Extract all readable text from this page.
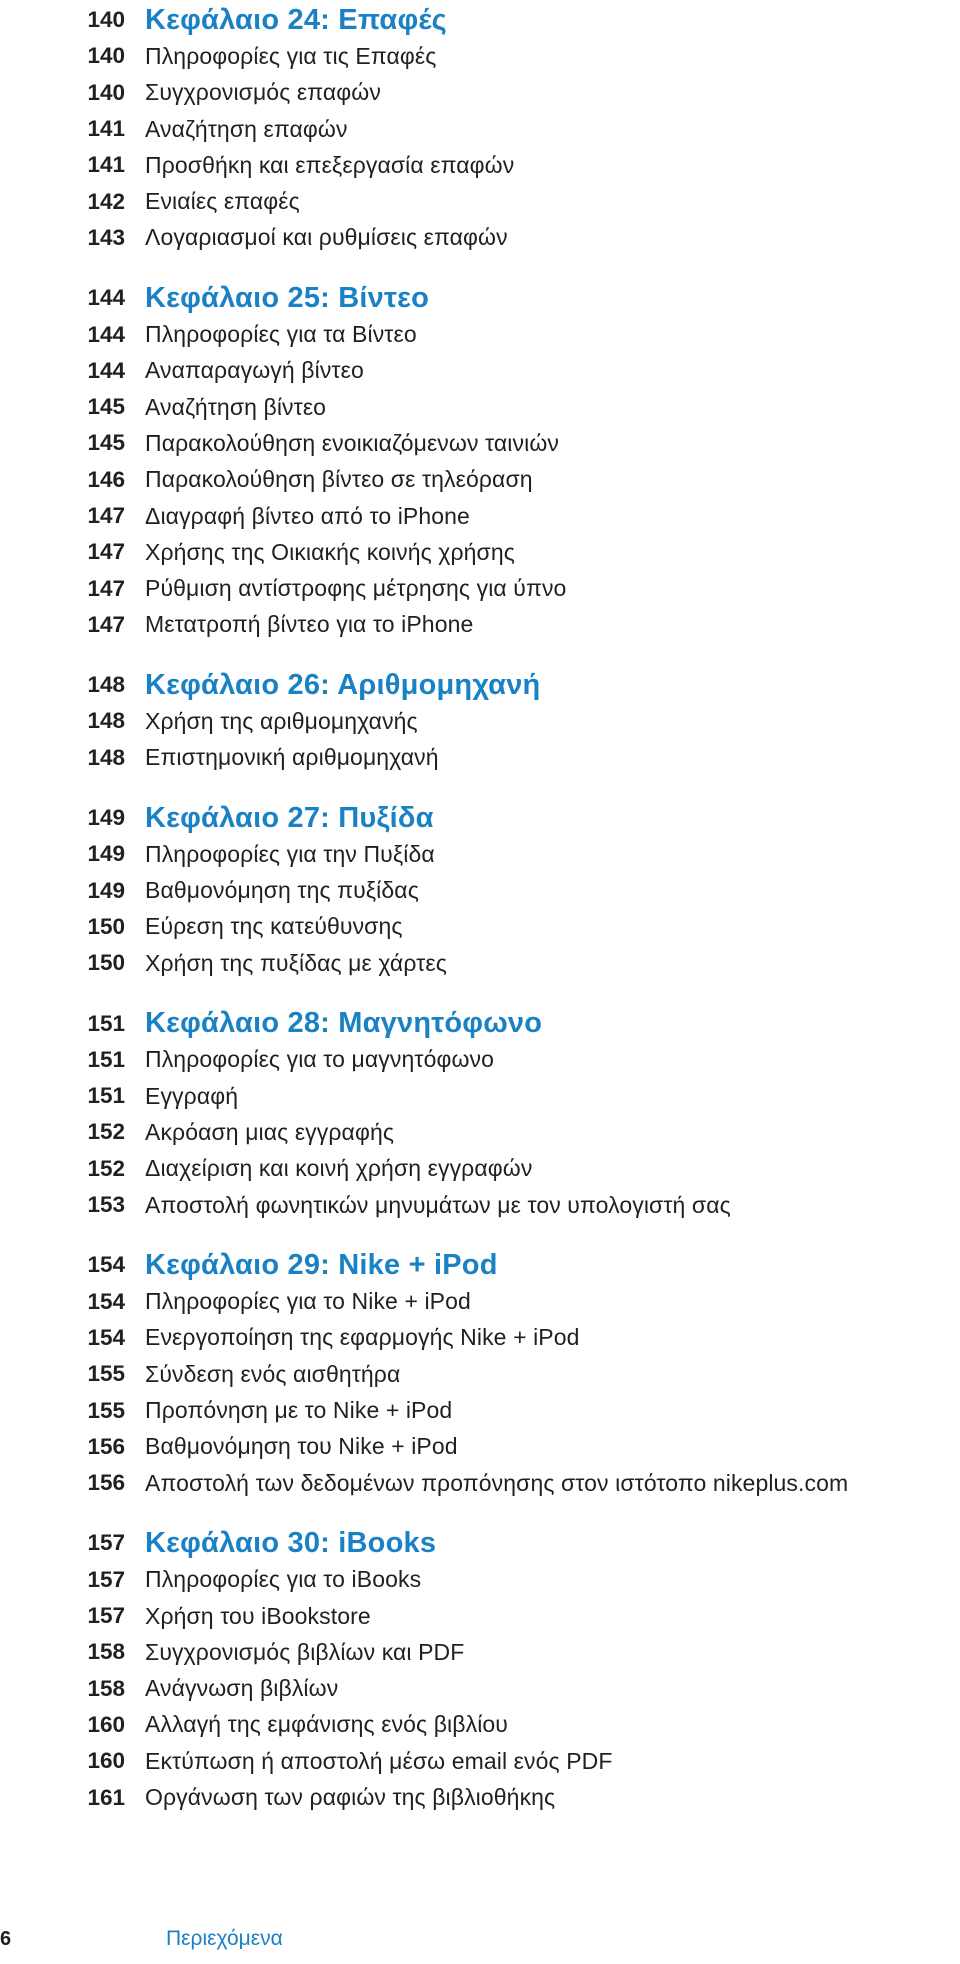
140 Κεφάλαιο 24: Επαφές
140 Πληροφορίες για τις Επαφές
140 Συγχρονισμός επαφών
141 Αναζήτηση επαφών
141 Προσθήκη και επεξεργασία επαφών
142 Ενιαίες επαφές
143 Λογαριασμοί και ρυθμίσεις επαφών
144 Κεφάλαιο 25: Βίντεο
144 Πληροφορίες για τα Βίντεο
144 Αναπαραγωγή βίντεο
145 Αναζήτηση βίντεο
145 Παρακολούθηση ενοικιαζόμενων ταινιών
146 Παρακολούθηση βίντεο σε τηλεόραση
147 Διαγραφή βίντεο από το iPhone
147 Χρήσης της Οικιακής κοινής χρήσης
147 Ρύθμιση αντίστροφης μέτρησης για ύπνο
147 Μετατροπή βίντεο για το iPhone
148 Κεφάλαιο 26: Αριθμομηχανή
148 Χρήση της αριθμομηχανής
148 Επιστημονική αριθμομηχανή
149 Κεφάλαιο 27: Πυξίδα
149 Πληροφορίες για την Πυξίδα
149 Βαθμονόμηση της πυξίδας
150 Εύρεση της κατεύθυνσης
150 Χρήση της πυξίδας με χάρτες
151 Κεφάλαιο 28: Μαγνητόφωνο
151 Πληροφορίες για το μαγνητόφωνο
151 Εγγραφή
152 Ακρόαση μιας εγγραφής
152 Διαχείριση και κοινή χρήση εγγραφών
153 Αποστολή φωνητικών μηνυμάτων με τον υπολογιστή σας
154 Κεφάλαιο 29: Nike + iPod
154 Πληροφορίες για το Nike + iPod
154 Ενεργοποίηση της εφαρμογής Nike + iPod
155 Σύνδεση ενός αισθητήρα
155 Προπόνηση με το Nike + iPod
156 Βαθμονόμηση του Nike + iPod
156 Αποστολή των δεδομένων προπόνησης στον ιστότοπο nikeplus.com
157 Κεφάλαιο 30: iBooks
157 Πληροφορίες για το iBooks
157 Χρήση του iBookstore
158 Συγχρονισμός βιβλίων και PDF
158 Ανάγνωση βιβλίων
160 Αλλαγή της εμφάνισης ενός βιβλίου
160 Εκτύπωση ή αποστολή μέσω email ενός PDF
161 Οργάνωση των ραφιών της βιβλιοθήκης
6	Περιεχόμενα
